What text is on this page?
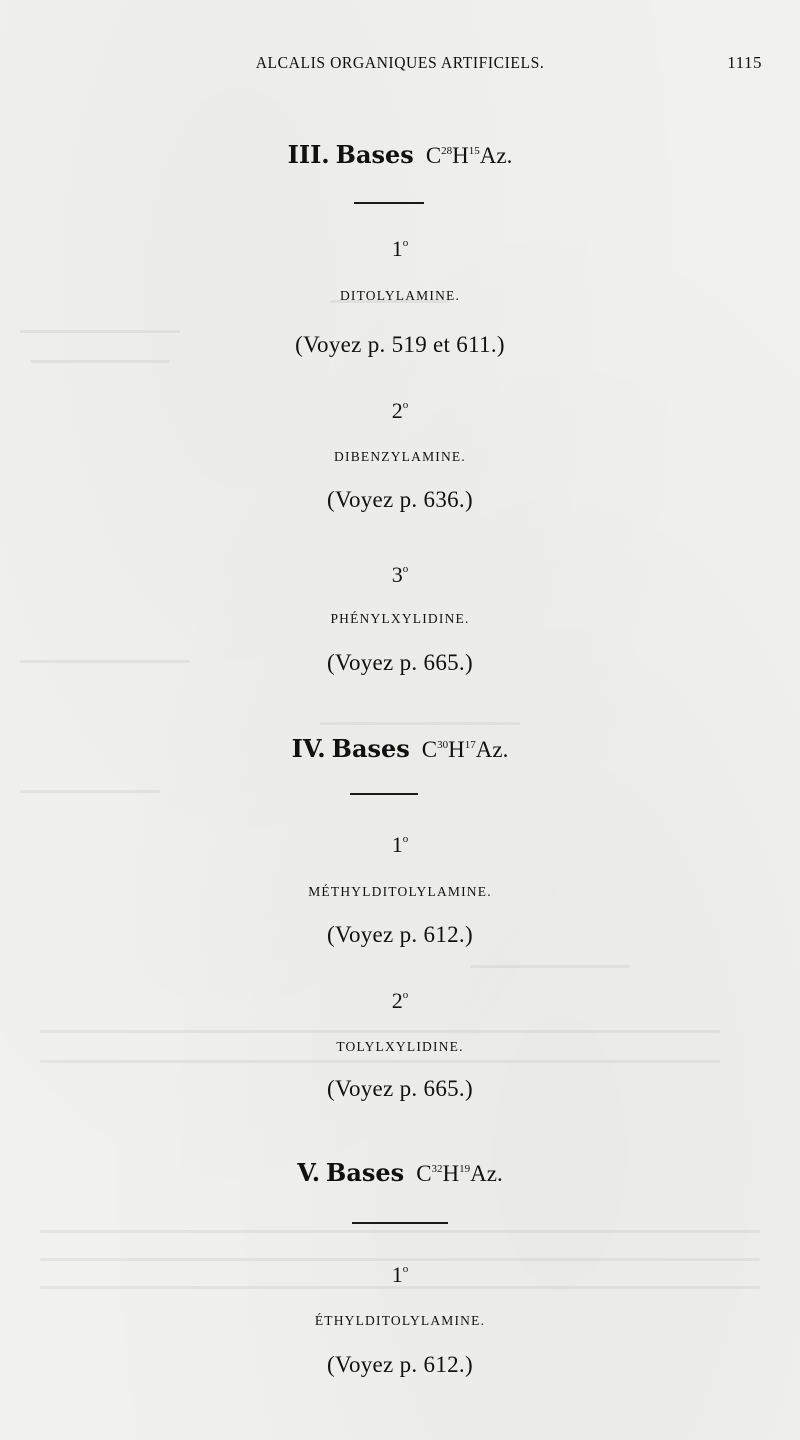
ALCALIS ORGANIQUES ARTIFICIELS.	1115
III. Bases $C^{28}H^{15}Az$.
1$^o$
DITOLYLAMINE.
(Voyez p. 519 et 611.)
2$^o$
DIBENZYLAMINE.
(Voyez p. 636.)
3$^o$
PHÉNYLXYLIDINE.
(Voyez p. 665.)
IV. Bases $C^{30}H^{17}Az$.
1$^o$
MÉTHYLDITOLYLAMINE.
(Voyez p. 612.)
2$^o$
TOLYLXYLIDINE.
(Voyez p. 665.)
V. Bases $C^{32}H^{19}Az$.
1$^o$
ÉTHYLDITOLYLAMINE.
(Voyez p. 612.)
